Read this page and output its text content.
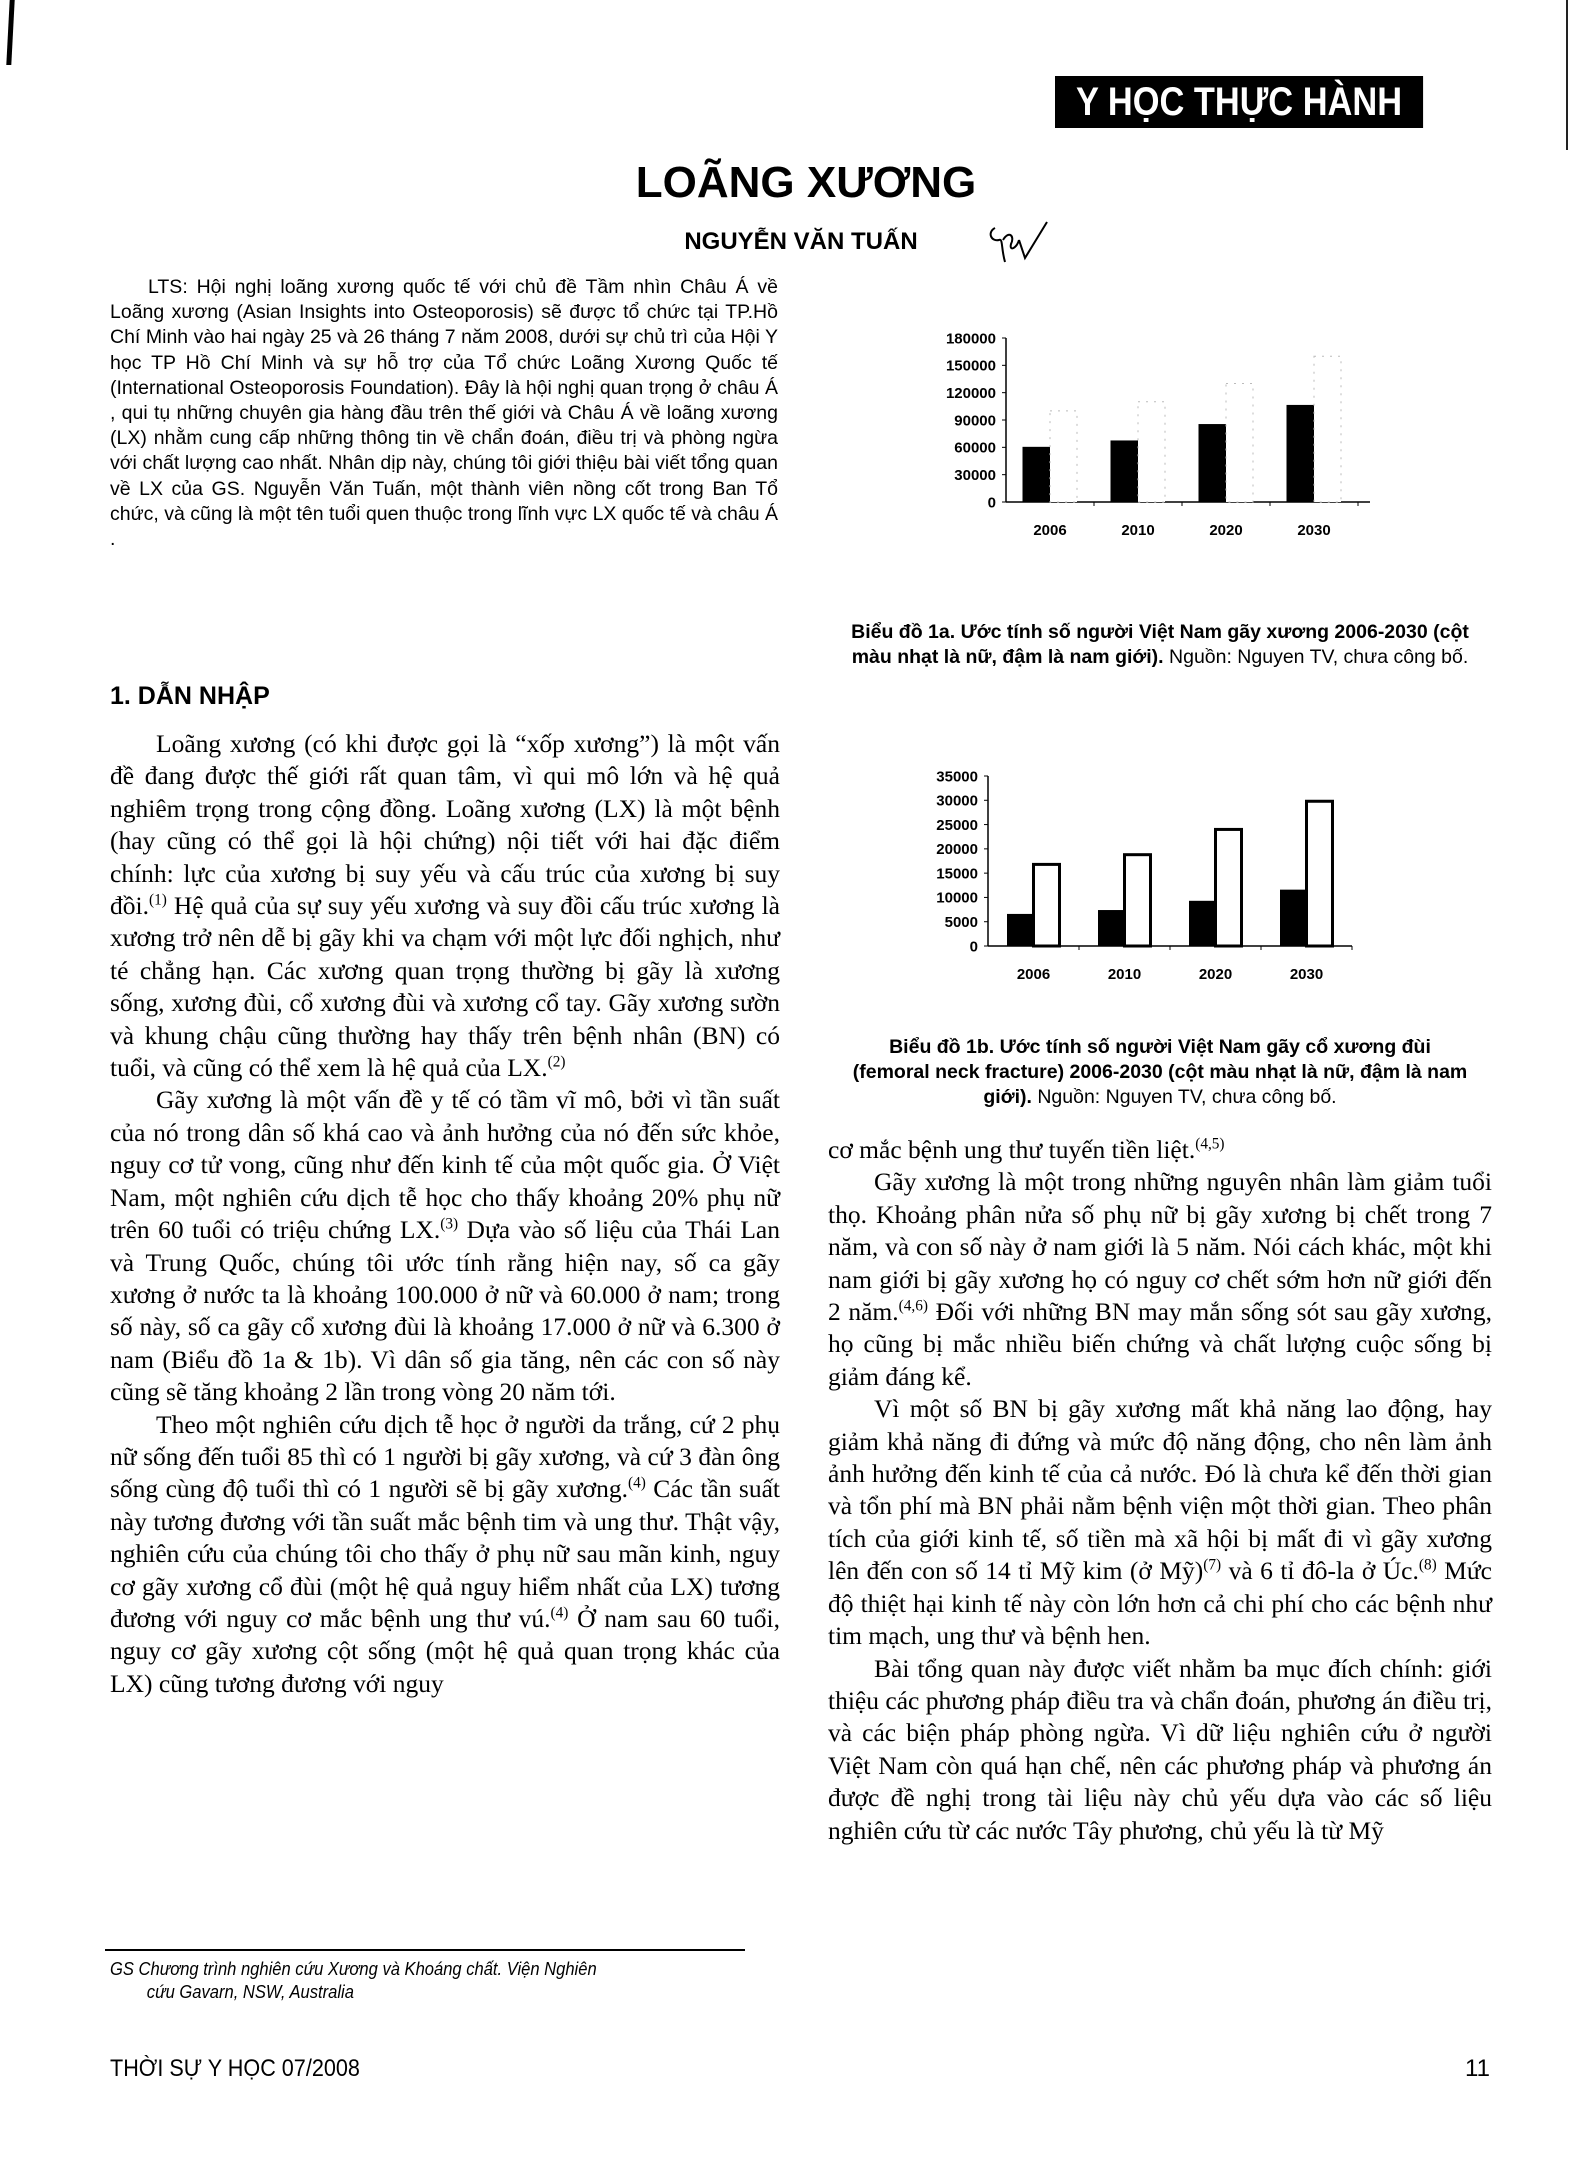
Y HỌC THỰC HÀNH
LOÃNG XƯƠNG
NGUYỄN VĂN TUẤN
LTS: Hội nghị loãng xương quốc tế với chủ đề Tầm nhìn Châu Á về Loãng xương (Asian Insights into Osteoporosis) sẽ được tổ chức tại TP.Hồ Chí Minh vào hai ngày 25 và 26 tháng 7 năm 2008, dưới sự chủ trì của Hội Y học TP Hồ Chí Minh và sự hỗ trợ của Tổ chức Loãng Xương Quốc tế (International Osteoporosis Foundation). Đây là hội nghị quan trọng ở châu Á , qui tụ những chuyên gia hàng đầu trên thế giới và Châu Á về loãng xương (LX) nhằm cung cấp những thông tin về chẩn đoán, điều trị và phòng ngừa với chất lượng cao nhất. Nhân dịp này, chúng tôi giới thiệu bài viết tổng quan về LX của GS. Nguyễn Văn Tuấn, một thành viên nồng cốt trong Ban Tổ chức, và cũng là một tên tuổi quen thuộc trong lĩnh vực LX quốc tế và châu Á .
1. DẪN NHẬP

Loãng xương (có khi được gọi là “xốp xương”) là một vấn đề đang được thế giới rất quan tâm, vì qui mô lớn và hệ quả nghiêm trọng trong cộng đồng. Loãng xương (LX) là một bệnh (hay cũng có thể gọi là hội chứng) nội tiết với hai đặc điểm chính: lực của xương bị suy yếu và cấu trúc của xương bị suy đồi.$^{(1)}$ Hệ quả của sự suy yếu xương và suy đồi cấu trúc xương là xương trở nên dễ bị gãy khi va chạm với một lực đối nghịch, như té chẳng hạn. Các xương quan trọng thường bị gãy là xương sống, xương đùi, cổ xương đùi và xương cổ tay. Gãy xương sườn và khung chậu cũng thường hay thấy trên bệnh nhân (BN) có tuổi, và cũng có thể xem là hệ quả của LX.$^{(2)}$

Gãy xương là một vấn đề y tế có tầm vĩ mô, bởi vì tần suất của nó trong dân số khá cao và ảnh hưởng của nó đến sức khỏe, nguy cơ tử vong, cũng như đến kinh tế của một quốc gia. Ở Việt Nam, một nghiên cứu dịch tễ học cho thấy khoảng 20% phụ nữ trên 60 tuổi có triệu chứng LX.$^{(3)}$ Dựa vào số liệu của Thái Lan và Trung Quốc, chúng tôi ước tính rằng hiện nay, số ca gãy xương ở nước ta là khoảng 100.000 ở nữ và 60.000 ở nam; trong số này, số ca gãy cổ xương đùi là khoảng 17.000 ở nữ và 6.300 ở nam (Biểu đồ 1a & 1b). Vì dân số gia tăng, nên các con số này cũng sẽ tăng khoảng 2 lần trong vòng 20 năm tới.

Theo một nghiên cứu dịch tễ học ở người da trắng, cứ 2 phụ nữ sống đến tuổi 85 thì có 1 người bị gãy xương, và cứ 3 đàn ông sống cùng độ tuổi thì có 1 người sẽ bị gãy xương.$^{(4)}$ Các tần suất này tương đương với tần suất mắc bệnh tim và ung thư. Thật vậy, nghiên cứu của chúng tôi cho thấy ở phụ nữ sau mãn kinh, nguy cơ gãy xương cổ đùi (một hệ quả nguy hiểm nhất của LX) tương đương với nguy cơ mắc bệnh ung thư vú.$^{(4)}$ Ở nam sau 60 tuổi, nguy cơ gãy xương cột sống (một hệ quả quan trọng khác của LX) cũng tương đương với nguy

GS Chương trình nghiên cứu Xương và Khoáng chất. Viện Nghiên
cứu Gavarn, NSW, Australia
THỜI SỰ Y HỌC 07/2008	11
0
30000
60000
90000
120000
150000
180000
2006	2010	2020	2030
Biểu đồ 1a. Ước tính số người Việt Nam gãy xương 2006-2030 (cột màu nhạt là nữ, đậm là nam giới). Nguồn: Nguyen TV, chưa công bố.
0
5000
10000
15000
20000
25000
30000
35000
2006	2010	2020	2030
Biểu đồ 1b. Ước tính số người Việt Nam gãy cổ xương đùi (femoral neck fracture) 2006-2030 (cột màu nhạt là nữ, đậm là nam giới). Nguồn: Nguyen TV, chưa công bố.

cơ mắc bệnh ung thư tuyến tiền liệt.$^{(4,5)}$

Gãy xương là một trong những nguyên nhân làm giảm tuổi thọ. Khoảng phân nửa số phụ nữ bị gãy xương bị chết trong 7 năm, và con số này ở nam giới là 5 năm. Nói cách khác, một khi nam giới bị gãy xương họ có nguy cơ chết sớm hơn nữ giới đến 2 năm.$^{(4,6)}$ Đối với những BN may mắn sống sót sau gãy xương, họ cũng bị mắc nhiều biến chứng và chất lượng cuộc sống bị giảm đáng kể.

Vì một số BN bị gãy xương mất khả năng lao động, hay giảm khả năng đi đứng và mức độ năng động, cho nên làm ảnh ảnh hưởng đến kinh tế của cả nước. Đó là chưa kể đến thời gian và tổn phí mà BN phải nằm bệnh viện một thời gian. Theo phân tích của giới kinh tế, số tiền mà xã hội bị mất đi vì gãy xương lên đến con số 14 tỉ Mỹ kim (ở Mỹ)$^{(7)}$ và 6 tỉ đô-la ở Úc.$^{(8)}$ Mức độ thiệt hại kinh tế này còn lớn hơn cả chi phí cho các bệnh như tim mạch, ung thư và bệnh hen.

Bài tổng quan này được viết nhằm ba mục đích chính: giới thiệu các phương pháp điều tra và chẩn đoán, phương án điều trị, và các biện pháp phòng ngừa. Vì dữ liệu nghiên cứu ở người Việt Nam còn quá hạn chế, nên các phương pháp và phương án được đề nghị trong tài liệu này chủ yếu dựa vào các số liệu nghiên cứu từ các nước Tây phương, chủ yếu là từ Mỹ
